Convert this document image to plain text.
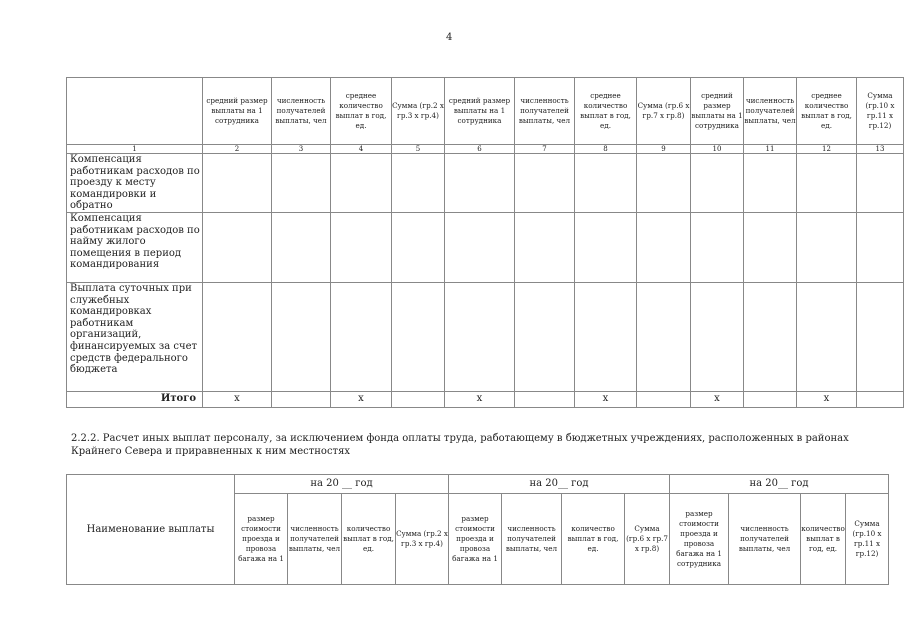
4
	средний размер выплаты на 1 сотрудника	численность получателей выплаты, чел	среднее количество выплат в год, ед.	Сумма (гр.2 х гр.3 х гр.4)	средний размер выплаты на 1 сотрудника	численность получателей выплаты, чел	среднее количество выплат в год, ед.	Сумма (гр.6 х гр.7 х гр.8)	средний размер выплаты на 1 сотрудника	численность получателей выплаты, чел	среднее количество выплат в год, ед.	Сумма (гр.10 х гр.11 х гр.12)
1	2	3	4	5	6	7	8	9	10	11	12	13
Компенсация работникам расходов по проезду к месту командировки и обратно												
Компенсация работникам расходов по найму жилого помещения в период командирования												
Выплата суточных при служебных командировках работникам организаций, финансируемых за счет средств федерального бюджета												
Итого	x		x		x		x		x		x	
2.2.2. Расчет иных выплат персоналу, за исключением фонда оплаты труда, работающему в бюджетных учреждениях, расположенных в районах Крайнего Севера и приравненных к ним местностях
Наименование выплаты	на 20 __ год				на 20__ год				на 20__ год			
	размер стоимости проезда и провоза багажа на 1	численность получателей выплаты, чел	количество выплат в год, ед.	Сумма (гр.2 х гр.3 х гр.4)	размер стоимости проезда и провоза багажа на 1	численность получателей выплаты, чел	количество выплат в год, ед.	Сумма (гр.6 х гр.7 х гр.8)	размер стоимости проезда и провоза багажа на 1 сотрудника	численность получателей выплаты, чел	количество выплат в год, ед.	Сумма (гр.10 х гр.11 х гр.12)
